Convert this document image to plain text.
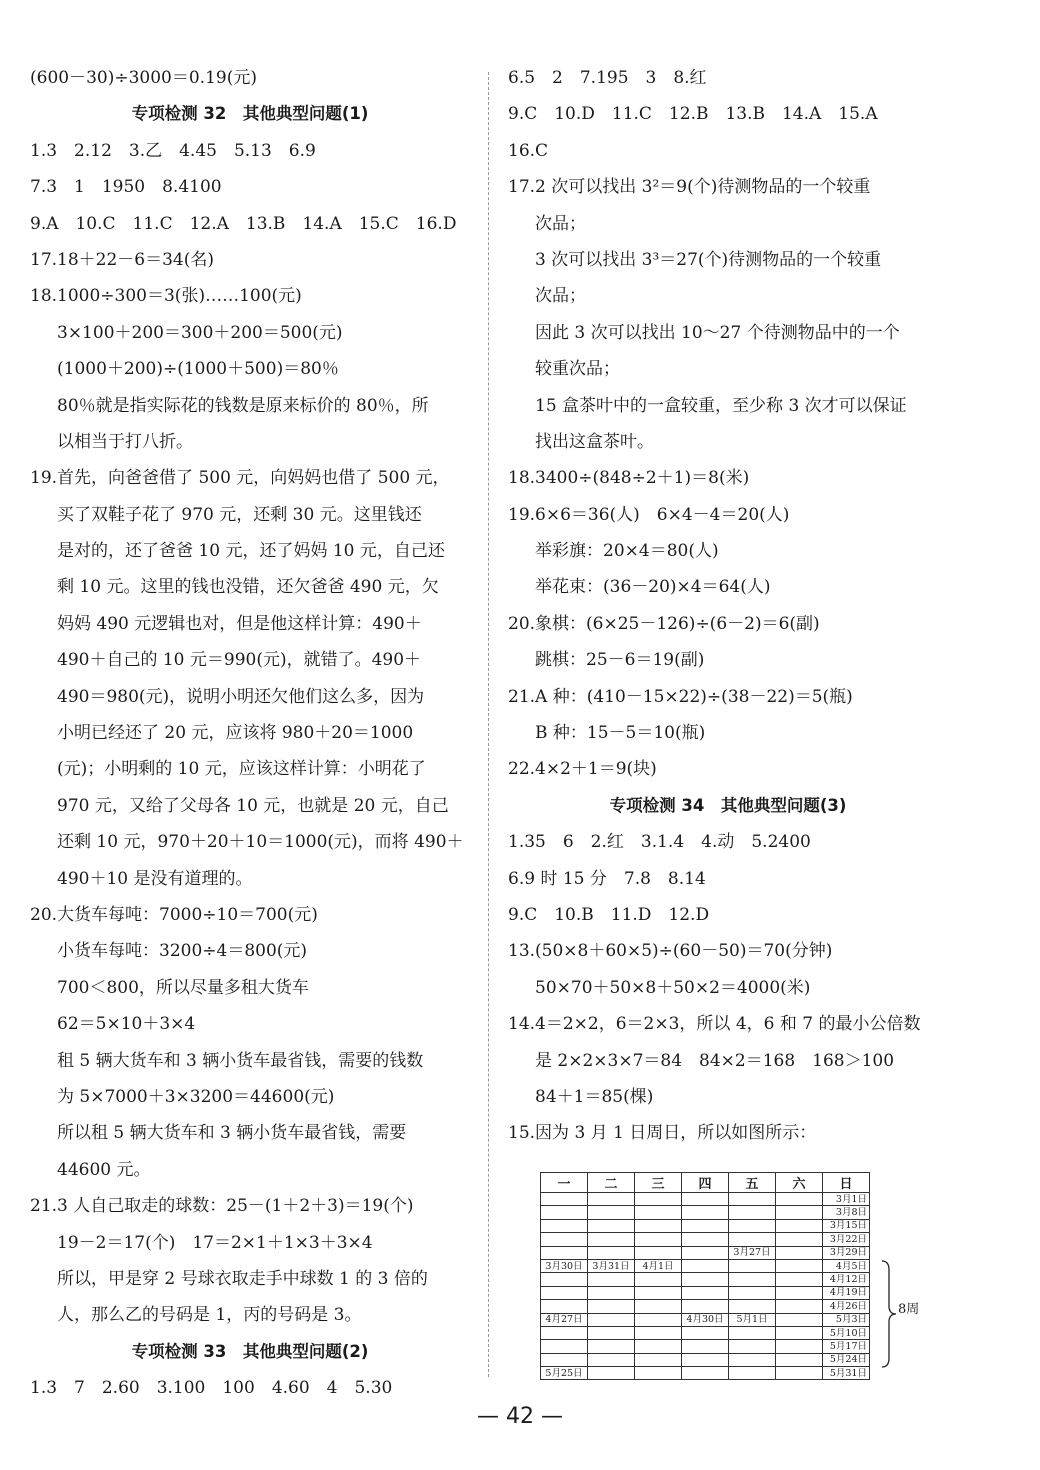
(600－30)÷3000＝0.19(元)
专项检测 32　其他典型问题(1)
1.3　2.12　3.乙　4.45　5.13　6.9
7.3　1　1950　8.4100
9.A　10.C　11.C　12.A　13.B　14.A　15.C　16.D
17.18＋22－6＝34(名)
18.1000÷300＝3(张)……100(元)
3×100＋200＝300＋200＝500(元)
(1000＋200)÷(1000＋500)＝80％
80％就是指实际花的钱数是原来标价的 80％，所
以相当于打八折。
19.首先，向爸爸借了 500 元，向妈妈也借了 500 元，
买了双鞋子花了 970 元，还剩 30 元。这里钱还
是对的，还了爸爸 10 元，还了妈妈 10 元，自己还
剩 10 元。这里的钱也没错，还欠爸爸 490 元，欠
妈妈 490 元逻辑也对，但是他这样计算：490＋
490＋自己的 10 元＝990(元)，就错了。490＋
490＝980(元)，说明小明还欠他们这么多，因为
小明已经还了 20 元，应该将 980＋20＝1000
(元)；小明剩的 10 元，应该这样计算：小明花了
970 元，又给了父母各 10 元，也就是 20 元，自己
还剩 10 元，970＋20＋10＝1000(元)，而将 490＋
490＋10 是没有道理的。
20.大货车每吨：7000÷10＝700(元)
小货车每吨：3200÷4＝800(元)
700＜800，所以尽量多租大货车
62＝5×10＋3×4
租 5 辆大货车和 3 辆小货车最省钱，需要的钱数
为 5×7000＋3×3200＝44600(元)
所以租 5 辆大货车和 3 辆小货车最省钱，需要
44600 元。
21.3 人自己取走的球数：25－(1＋2＋3)＝19(个)
19－2＝17(个)　17＝2×1＋1×3＋3×4
所以，甲是穿 2 号球衣取走手中球数 1 的 3 倍的
人，那么乙的号码是 1，丙的号码是 3。
专项检测 33　其他典型问题(2)
1.3　7　2.60　3.100　100　4.60　4　5.30
6.5　2　7.195　3　8.红
9.C　10.D　11.C　12.B　13.B　14.A　15.A
16.C
17.2 次可以找出 3²＝9(个)待测物品的一个较重
次品；
3 次可以找出 3³＝27(个)待测物品的一个较重
次品；
因此 3 次可以找出 10～27 个待测物品中的一个
较重次品；
15 盒茶叶中的一盒较重，至少称 3 次才可以保证
找出这盒茶叶。
18.3400÷(848÷2＋1)＝8(米)
19.6×6＝36(人)　6×4－4＝20(人)
举彩旗：20×4＝80(人)
举花束：(36－20)×4＝64(人)
20.象棋：(6×25－126)÷(6－2)＝6(副)
跳棋：25－6＝19(副)
21.A 种：(410－15×22)÷(38－22)＝5(瓶)
B 种：15－5＝10(瓶)
22.4×2＋1＝9(块)
专项检测 34　其他典型问题(3)
1.35　6　2.红　3.1.4　4.动　5.2400
6.9 时 15 分　7.8　8.14
9.C　10.B　11.D　12.D
13.(50×8＋60×5)÷(60－50)＝70(分钟)
50×70＋50×8＋50×2＝4000(米)
14.4＝2×2，6＝2×3，所以 4，6 和 7 的最小公倍数
是 2×2×3×7＝84　84×2＝168　168＞100
84＋1＝85(棵)
15.因为 3 月 1 日周日，所以如图所示：
一	二	三	四	五	六	日
						3月1日
						3月8日
						3月15日
						3月22日
				3月27日		3月29日
3月30日	3月31日	4月1日				4月5日
						4月12日
						4月19日
						4月26日
4月27日			4月30日	5月1日		5月3日
						5月10日
						5月17日
						5月24日
5月25日						5月31日
8周
— 42 —
